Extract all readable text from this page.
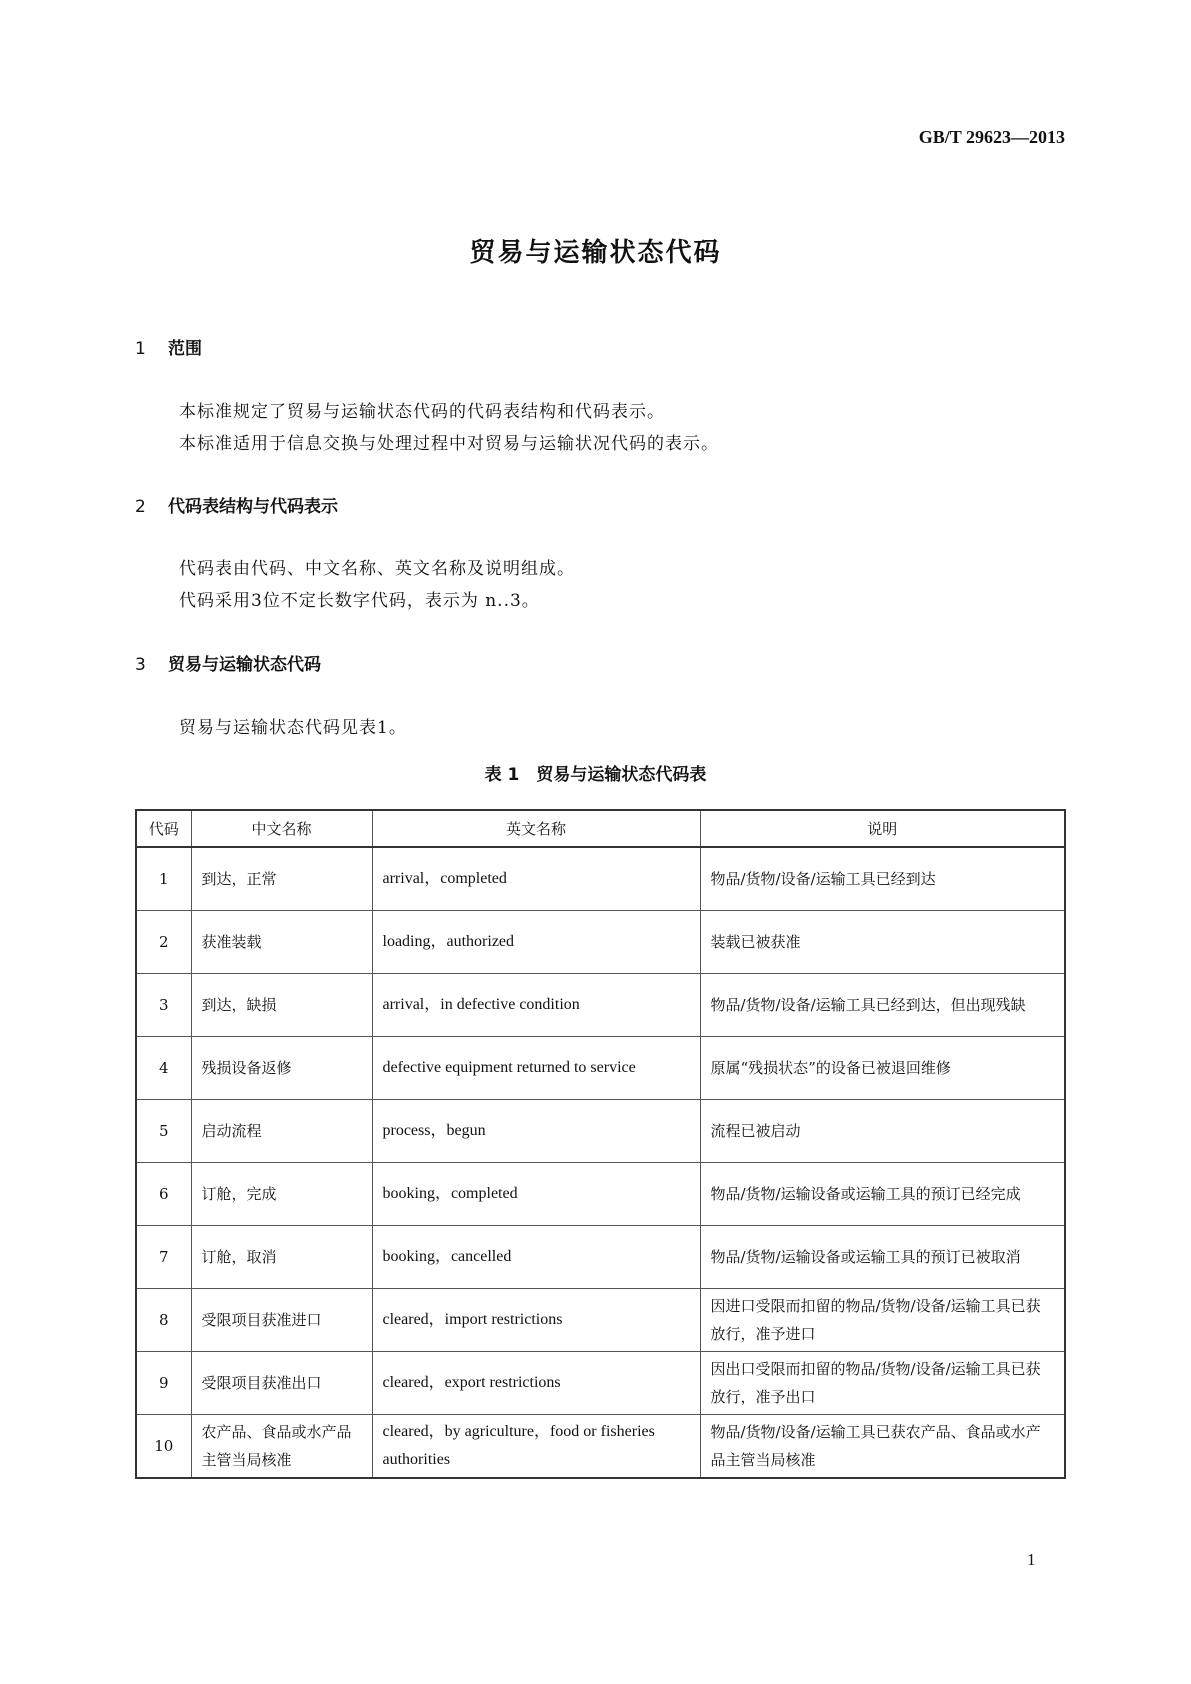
GB/T 29623—2013
贸易与运输状态代码
1 范围
本标准规定了贸易与运输状态代码的代码表结构和代码表示。
本标准适用于信息交换与处理过程中对贸易与运输状况代码的表示。
2 代码表结构与代码表示
代码表由代码、中文名称、英文名称及说明组成。
代码采用3位不定长数字代码，表示为 n..3。
3 贸易与运输状态代码
贸易与运输状态代码见表1。
表 1　贸易与运输状态代码表
代码	中文名称	英文名称	说明
1	到达，正常	arrival，completed	物品/货物/设备/运输工具已经到达
2	获准装载	loading，authorized	装载已被获准
3	到达，缺损	arrival，in defective condition	物品/货物/设备/运输工具已经到达，但出现残缺
4	残损设备返修	defective equipment returned to service	原属“残损状态”的设备已被退回维修
5	启动流程	process，begun	流程已被启动
6	订舱，完成	booking，completed	物品/货物/运输设备或运输工具的预订已经完成
7	订舱，取消	booking，cancelled	物品/货物/运输设备或运输工具的预订已被取消
8	受限项目获准进口	cleared，import restrictions	因进口受限而扣留的物品/货物/设备/运输工具已获放行，准予进口
9	受限项目获准出口	cleared，export restrictions	因出口受限而扣留的物品/货物/设备/运输工具已获放行，准予出口
10	农产品、食品或水产品主管当局核准	cleared，by agriculture，food or fisheries authorities	物品/货物/设备/运输工具已获农产品、食品或水产品主管当局核准
1
